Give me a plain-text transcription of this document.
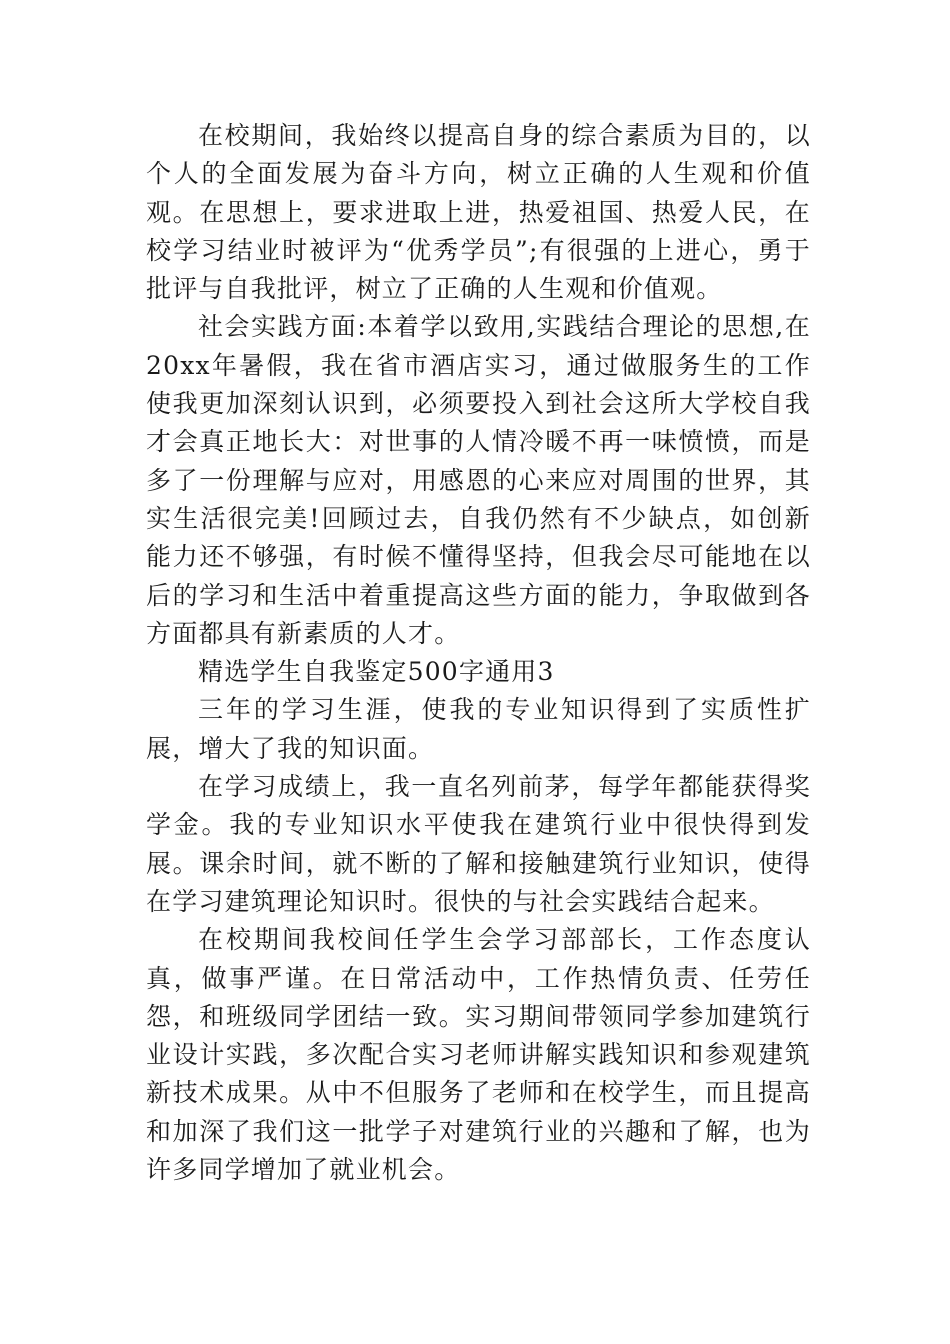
在校期间，我始终以提高自身的综合素质为目的，以个人的全面发展为奋斗方向，树立正确的人生观和价值观。在思想上，要求进取上进，热爱祖国、热爱人民，在校学习结业时被评为“优秀学员”;有很强的上进心，勇于批评与自我批评，树立了正确的人生观和价值观。

社会实践方面:本着学以致用,实践结合理论的思想,在20xx年暑假，我在省市酒店实习，通过做服务生的工作使我更加深刻认识到，必须要投入到社会这所大学校自我才会真正地长大：对世事的人情冷暖不再一味愤愤，而是多了一份理解与应对，用感恩的心来应对周围的世界，其实生活很完美!回顾过去，自我仍然有不少缺点，如创新能力还不够强，有时候不懂得坚持，但我会尽可能地在以后的学习和生活中着重提高这些方面的能力，争取做到各方面都具有新素质的人才。

精选学生自我鉴定500字通用3

三年的学习生涯，使我的专业知识得到了实质性扩展，增大了我的知识面。

在学习成绩上，我一直名列前茅，每学年都能获得奖学金。我的专业知识水平使我在建筑行业中很快得到发展。课余时间，就不断的了解和接触建筑行业知识，使得在学习建筑理论知识时。很快的与社会实践结合起来。

在校期间我校间任学生会学习部部长，工作态度认真，做事严谨。在日常活动中，工作热情负责、任劳任怨，和班级同学团结一致。实习期间带领同学参加建筑行业设计实践，多次配合实习老师讲解实践知识和参观建筑新技术成果。从中不但服务了老师和在校学生，而且提高和加深了我们这一批学子对建筑行业的兴趣和了解，也为许多同学增加了就业机会。
